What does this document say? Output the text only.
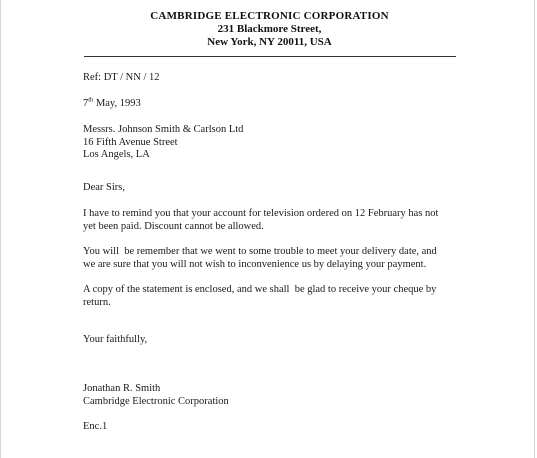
CAMBRIDGE ELECTRONIC CORPORATION
231 Blackmore Street,
New York, NY 20011, USA

Ref: DT / NN / 12

7th May, 1993

Messrs. Johnson Smith & Carlson Ltd

16 Fifth Avenue Street

Los Angels, LA

Dear Sirs,

I have to remind you that your account for television ordered on 12 February has not

yet been paid. Discount cannot be allowed.

You will  be remember that we went to some trouble to meet your delivery date, and

we are sure that you will not wish to inconvenience us by delaying your payment.

A copy of the statement is enclosed, and we shall  be glad to receive your cheque by

return.

Your faithfully,

Jonathan R. Smith

Cambridge Electronic Corporation

Enc.1
